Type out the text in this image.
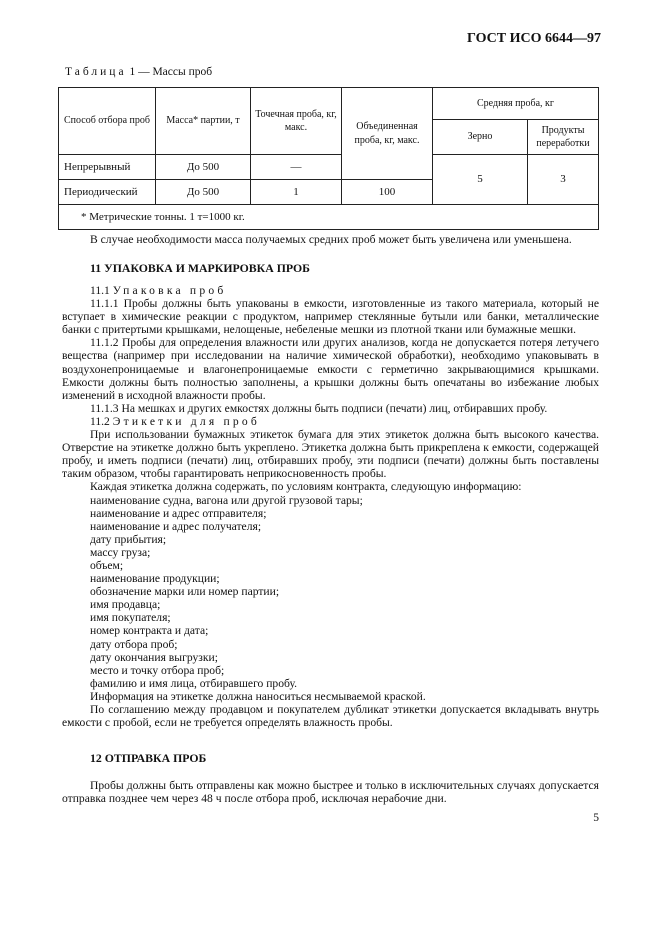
ГОСТ ИСО 6644—97
Таблица 1 — Массы проб
Способ отбора проб	Масса* партии, т	Точечная проба, кг, макс.	Объединенная проба, кг, макс.	Средняя проба, кг	
				Зерно	Продукты переработки
Непрерывный	До 500	—		5	3
Периодический	До 500	1	100		
* Метрические тонны. 1 т=1000 кг.					

В случае необходимости масса получаемых средних проб может быть увеличена или уменьшена.

11 УПАКОВКА И МАРКИРОВКА ПРОБ

11.1 Упаковка проб

11.1.1 Пробы должны быть упакованы в емкости, изготовленные из такого материала, который не вступает в химические реакции с продуктом, например стеклянные бутыли или банки, металлические банки с притертыми крышками, нелощеные, небеленые мешки из плотной ткани или бумажные мешки.

11.1.2 Пробы для определения влажности или других анализов, когда не допускается потеря летучего вещества (например при исследовании на наличие химической обработки), необходимо упаковывать в воздухонепроницаемые и влагонепроницаемые емкости с герметично закрывающимися крышками. Емкости должны быть полностью заполнены, а крышки должны быть опечатаны во избежание любых изменений в исходной влажности пробы.

11.1.3 На мешках и других емкостях должны быть подписи (печати) лиц, отбиравших пробу.

11.2 Этикетки для проб

При использовании бумажных этикеток бумага для этих этикеток должна быть высокого качества. Отверстие на этикетке должно быть укреплено. Этикетка должна быть прикреплена к емкости, содержащей пробу, и иметь подписи (печати) лиц, отбиравших пробу, эти подписи (печати) должны быть поставлены таким образом, чтобы гарантировать неприкосновенность пробы.

Каждая этикетка должна содержать, по условиям контракта, следующую информацию:

наименование судна, вагона или другой грузовой тары;

наименование и адрес отправителя;

наименование и адрес получателя;

дату прибытия;

массу груза;

объем;

наименование продукции;

обозначение марки или номер партии;

имя продавца;

имя покупателя;

номер контракта и дата;

дату отбора проб;

дату окончания выгрузки;

место и точку отбора проб;

фамилию и имя лица, отбиравшего пробу.

Информация на этикетке должна наноситься несмываемой краской.

По соглашению между продавцом и покупателем дубликат этикетки допускается вкладывать внутрь емкости с пробой, если не требуется определять влажность пробы.

12 ОТПРАВКА ПРОБ

Пробы должны быть отправлены как можно быстрее и только в исключительных случаях допускается отправка позднее чем через 48 ч после отбора проб, исключая нерабочие дни.

5
